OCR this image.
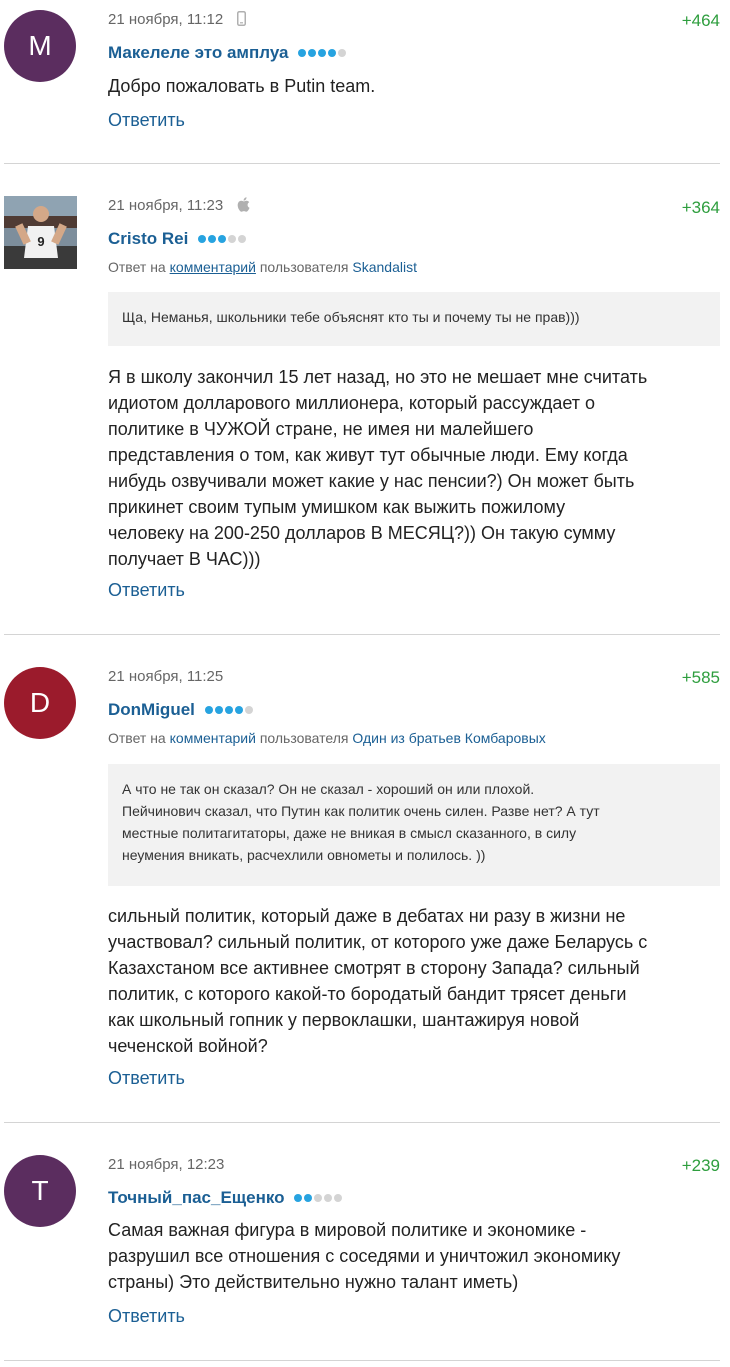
M
21 ноября, 11:12	+464
Макелеле это амплуа

Добро пожаловать в Putin team.

Ответить
9
21 ноября, 11:23	+364
Cristo Rei
Ответ на комментарий пользователя Skandalist

Ща, Неманья, школьники тебе объяснят кто ты и почему ты не прав)))

Я в школу закончил 15 лет назад, но это не мешает мне считать

идиотом долларового миллионера, который рассуждает о

политике в ЧУЖОЙ стране, не имея ни малейшего

представления о том, как живут тут обычные люди. Ему когда

нибудь озвучивали может какие у нас пенсии?) Он может быть

прикинет своим тупым умишком как выжить пожилому

человеку на 200-250 долларов В МЕСЯЦ?)) Он такую сумму

получает В ЧАС)))

Ответить
D
21 ноября, 11:25	+585
DonMiguel
Ответ на комментарий пользователя Один из братьев Комбаровых

А что не так он сказал? Он не сказал - хороший он или плохой.

Пейчинович сказал, что Путин как политик очень силен. Разве нет? А тут

местные политагитаторы, даже не вникая в смысл сказанного, в силу

неумения вникать, расчехлили овнометы и полилось. ))

сильный политик, который даже в дебатах ни разу в жизни не

участвовал? сильный политик, от которого уже даже Беларусь с

Казахстаном все активнее смотрят в сторону Запада? сильный

политик, с которого какой-то бородатый бандит трясет деньги

как школьный гопник у первоклашки, шантажируя новой

чеченской войной?

Ответить
T
21 ноября, 12:23	+239
Точный_пас_Ещенко

Самая важная фигура в мировой политике и экономике -

разрушил все отношения с соседями и уничтожил экономику

страны) Это действительно нужно талант иметь)

Ответить
